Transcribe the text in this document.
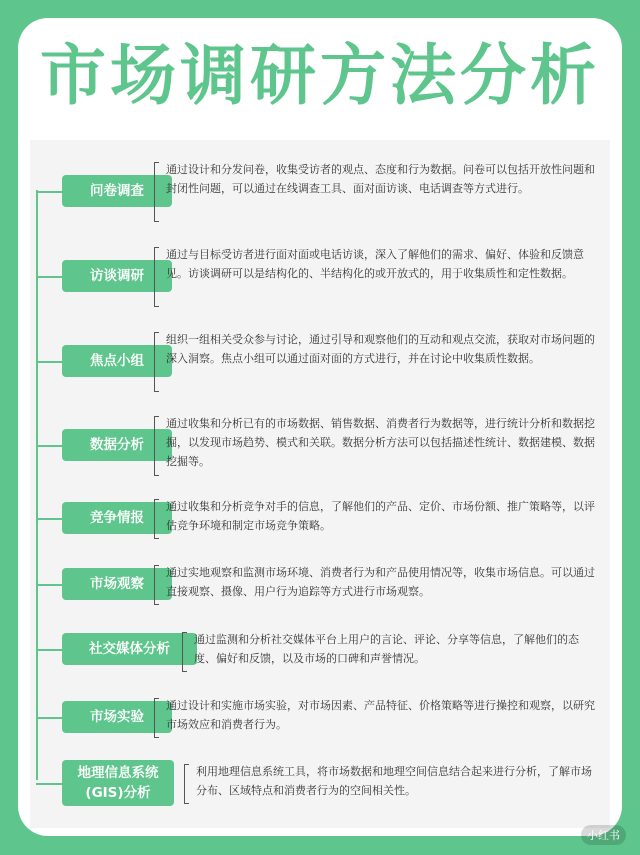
市场调研方法分析
问卷调查
通过设计和分发问卷，收集受访者的观点、态度和行为数据。问卷可以包括开放性问题和封闭性问题，可以通过在线调查工具、面对面访谈、电话调查等方式进行。
访谈调研
通过与目标受访者进行面对面或电话访谈，深入了解他们的需求、偏好、体验和反馈意见。访谈调研可以是结构化的、半结构化的或开放式的，用于收集质性和定性数据。
焦点小组
组织一组相关受众参与讨论，通过引导和观察他们的互动和观点交流，获取对市场问题的深入洞察。焦点小组可以通过面对面的方式进行，并在讨论中收集质性数据。
数据分析
通过收集和分析已有的市场数据、销售数据、消费者行为数据等，进行统计分析和数据挖掘，以发现市场趋势、模式和关联。数据分析方法可以包括描述性统计、数据建模、数据挖掘等。
竞争情报
通过收集和分析竞争对手的信息，了解他们的产品、定价、市场份额、推广策略等，以评估竞争环境和制定市场竞争策略。
市场观察
通过实地观察和监测市场环境、消费者行为和产品使用情况等，收集市场信息。可以通过直接观察、摄像、用户行为追踪等方式进行市场观察。
社交媒体分析
通过监测和分析社交媒体平台上用户的言论、评论、分享等信息，了解他们的态度、偏好和反馈，以及市场的口碑和声誉情况。
市场实验
通过设计和实施市场实验，对市场因素、产品特征、价格策略等进行操控和观察，以研究市场效应和消费者行为。
地理信息系统(GIS)分析
利用地理信息系统工具，将市场数据和地理空间信息结合起来进行分析，了解市场分布、区域特点和消费者行为的空间相关性。
小红书
